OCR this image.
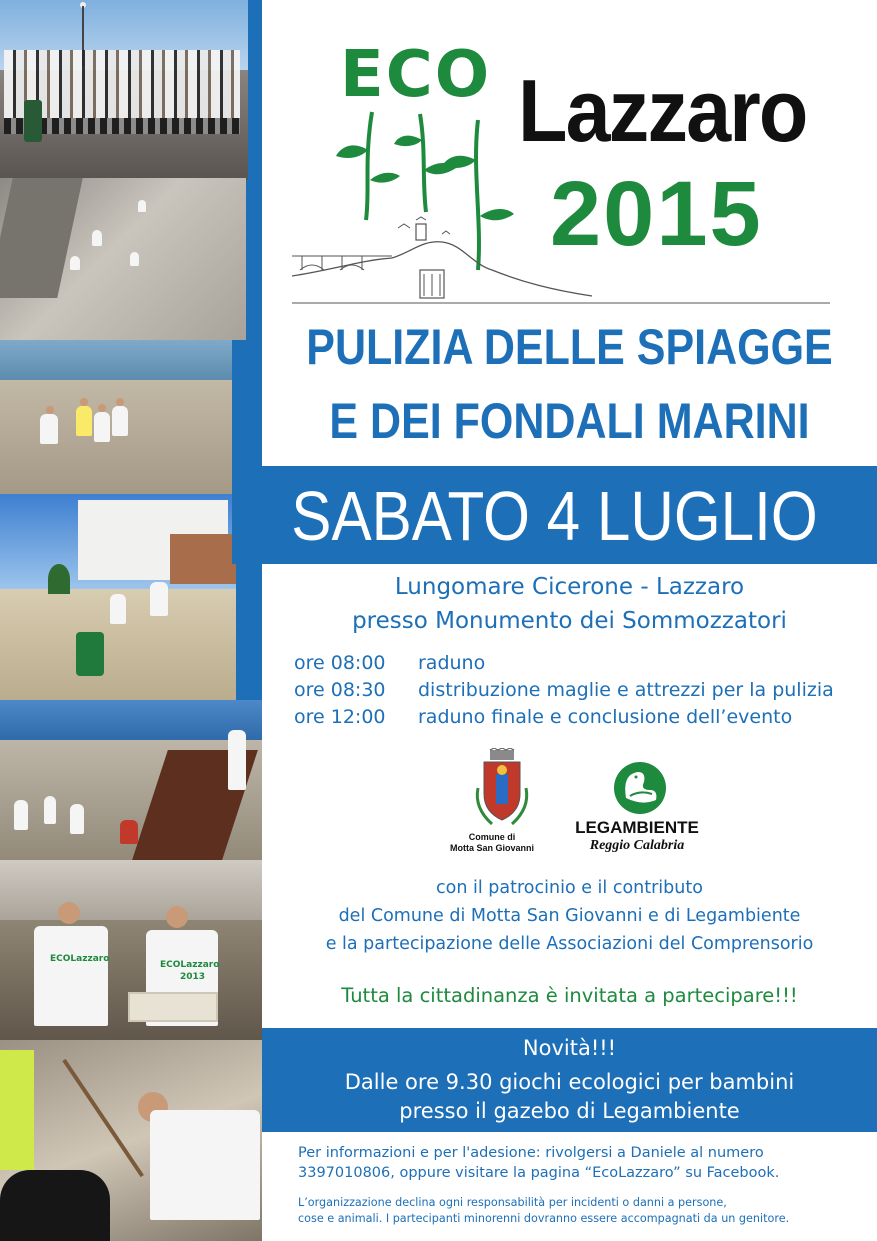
ECOLazzaro
ECOLazzaro
2013
ECO Lazzaro
2015
PULIZIA DELLE SPIAGGE
E DEI FONDALI MARINI
SABATO 4 LUGLIO
Lungomare Cicerone - Lazzaro
presso Monumento dei Sommozzatori
ore 08:00	raduno
ore 08:30	distribuzione maglie e attrezzi per la pulizia
ore 12:00	raduno finale e conclusione dell’evento
Comune di
Motta San Giovanni
LEGAMBIENTE
Reggio Calabria
con il patrocinio e il contributo
del Comune di Motta San Giovanni e di Legambiente
e la partecipazione delle Associazioni del Comprensorio
Tutta la cittadinanza è invitata a partecipare!!!
Novità!!!
Dalle ore 9.30 giochi ecologici per bambini
presso il gazebo di Legambiente
Per informazioni e per l'adesione: rivolgersi a Daniele al numero
3397010806, oppure visitare la pagina “EcoLazzaro” su Facebook.
L’organizzazione declina ogni responsabilità per incidenti o danni a persone,
cose e animali. I partecipanti minorenni dovranno essere accompagnati da un genitore.
